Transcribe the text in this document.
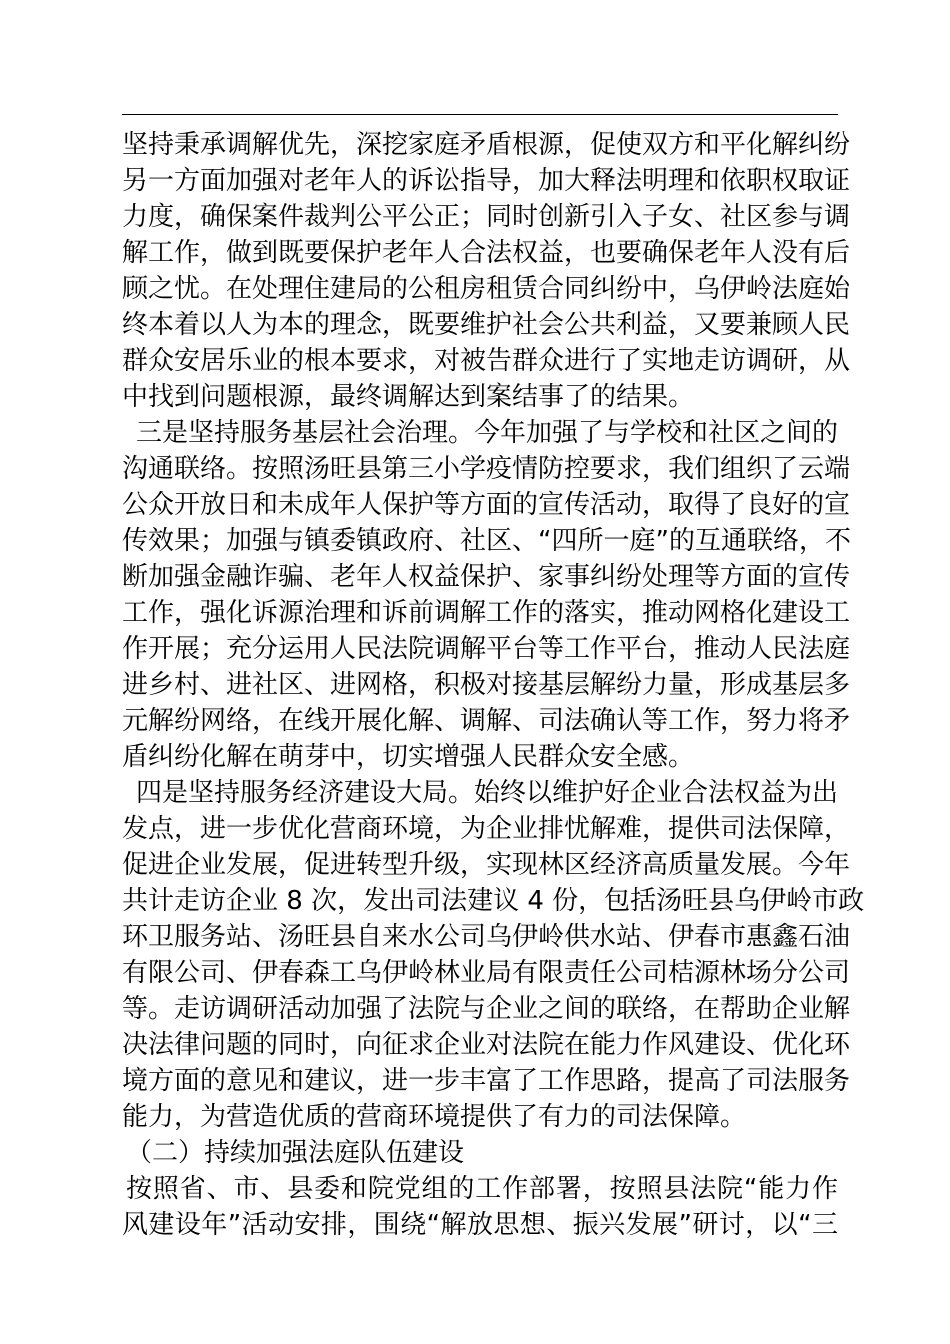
坚持秉承调解优先，深挖家庭矛盾根源，促使双方和平化解纠纷
另一方面加强对老年人的诉讼指导，加大释法明理和依职权取证
力度，确保案件裁判公平公正；同时创新引入子女、社区参与调
解工作，做到既要保护老年人合法权益，也要确保老年人没有后
顾之忧。在处理住建局的公租房租赁合同纠纷中，乌伊岭法庭始
终本着以人为本的理念，既要维护社会公共利益，又要兼顾人民
群众安居乐业的根本要求，对被告群众进行了实地走访调研，从
中找到问题根源，最终调解达到案结事了的结果。
三是坚持服务基层社会治理。今年加强了与学校和社区之间的
沟通联络。按照汤旺县第三小学疫情防控要求，我们组织了云端
公众开放日和未成年人保护等方面的宣传活动，取得了良好的宣
传效果；加强与镇委镇政府、社区、“四所一庭”的互通联络，不
断加强金融诈骗、老年人权益保护、家事纠纷处理等方面的宣传
工作，强化诉源治理和诉前调解工作的落实，推动网格化建设工
作开展；充分运用人民法院调解平台等工作平台，推动人民法庭
进乡村、进社区、进网格，积极对接基层解纷力量，形成基层多
元解纷网络，在线开展化解、调解、司法确认等工作，努力将矛
盾纠纷化解在萌芽中，切实增强人民群众安全感。
四是坚持服务经济建设大局。始终以维护好企业合法权益为出
发点，进一步优化营商环境，为企业排忧解难，提供司法保障，
促进企业发展，促进转型升级，实现林区经济高质量发展。今年
共计走访企业 8 次，发出司法建议 4 份，包括汤旺县乌伊岭市政
环卫服务站、汤旺县自来水公司乌伊岭供水站、伊春市惠鑫石油
有限公司、伊春森工乌伊岭林业局有限责任公司桔源林场分公司
等。走访调研活动加强了法院与企业之间的联络，在帮助企业解
决法律问题的同时，向征求企业对法院在能力作风建设、优化环
境方面的意见和建议，进一步丰富了工作思路，提高了司法服务
能力，为营造优质的营商环境提供了有力的司法保障。
（二）持续加强法庭队伍建设
按照省、市、县委和院党组的工作部署，按照县法院“能力作
风建设年”活动安排，围绕“解放思想、振兴发展”研讨，以“三
